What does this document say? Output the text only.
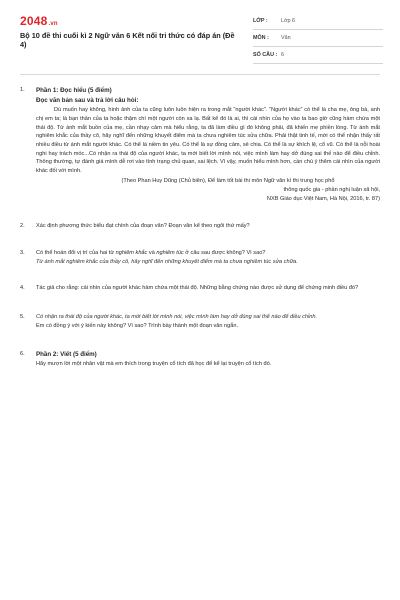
2048.vn
Bộ 10 đề thi cuối kì 2 Ngữ văn 6 Kết nối tri thức có đáp án (Đề 4)
LỚP :	Lớp 6
MÔN :	Văn
SỐ CÂU : 6
1. Phần 1: Đọc hiểu (5 điểm)
Đọc văn bản sau và trả lời câu hỏi:
Dù muốn hay không, hình ảnh của ta cũng luôn luôn hiện ra trong mắt “người khác”. “Người khác” có thể là cha mẹ, ông bà, anh chị em ta; là bạn thân của ta hoặc thậm chí một người còn xa lạ. Bất kể đó là ai, thì cái nhìn của họ vào ta bao giờ cũng hàm chứa một thái độ. Từ ánh mắt buồn của mẹ, cần nhạy cảm mà hiểu rằng, ta đã làm điều gì đó không phải, đã khiến mẹ phiền lòng. Từ ánh mắt nghiêm khắc của thầy cô, hãy nghĩ đến những khuyết điểm mà ta chưa nghiêm túc sửa chữa. Phải thật tinh tế, mới có thể nhận thấy rất nhiều điều từ ánh mắt người khác. Có thể là niềm tin yêu. Có thể là sự đồng cảm, sẻ chia. Có thể là sự khích lệ, cổ vũ. Có thể là nỗi hoài nghi hay trách móc...Có nhận ra thái độ của người khác, ta mới biết lời mình nói, việc mình làm hay dở đúng sai thế nào để điều chỉnh. Thông thường, tự đánh giá mình dễ rơi vào tình trạng chủ quan, sai lệch. Vì vậy, muốn hiểu mình hơn, cần chú ý thêm cái nhìn của người khác đối với mình.
(Theo Phan Huy Dũng (Chủ biên), Để làm tốt bài thi môn Ngữ văn kì thi trung học phổ
thông quốc gia - phần nghị luận xã hội,
NXB Giáo dục Việt Nam, Hà Nội, 2016, tr. 87)
2. Xác định phương thức biểu đạt chính của đoạn văn? Đoạn văn kể theo ngôi thứ mấy?
3. Có thể hoán đổi vị trí của hai từ nghiêm khắc và nghiêm túc ở câu sau được không? Vì sao?
Từ ánh mắt nghiêm khắc của thầy cô, hãy nghĩ đến những khuyết điểm mà ta chưa nghiêm túc sửa chữa.
4. Tác giả cho rằng: cái nhìn của người khác hàm chứa một thái độ. Những bằng chứng nào được sử dụng để chứng minh điều đó?
5. Có nhận ra thái độ của người khác, ta mới biết lời mình nói, việc mình làm hay dở đúng sai thế nào để điều chỉnh.
Em có đồng ý với ý kiến này không? Vì sao? Trình bày thành một đoạn văn ngắn.
6. Phần 2: Viết (5 điểm)
Hãy mượn lời một nhân vật mà em thích trong truyện cổ tích đã học để kể lại truyện cổ tích đó.
